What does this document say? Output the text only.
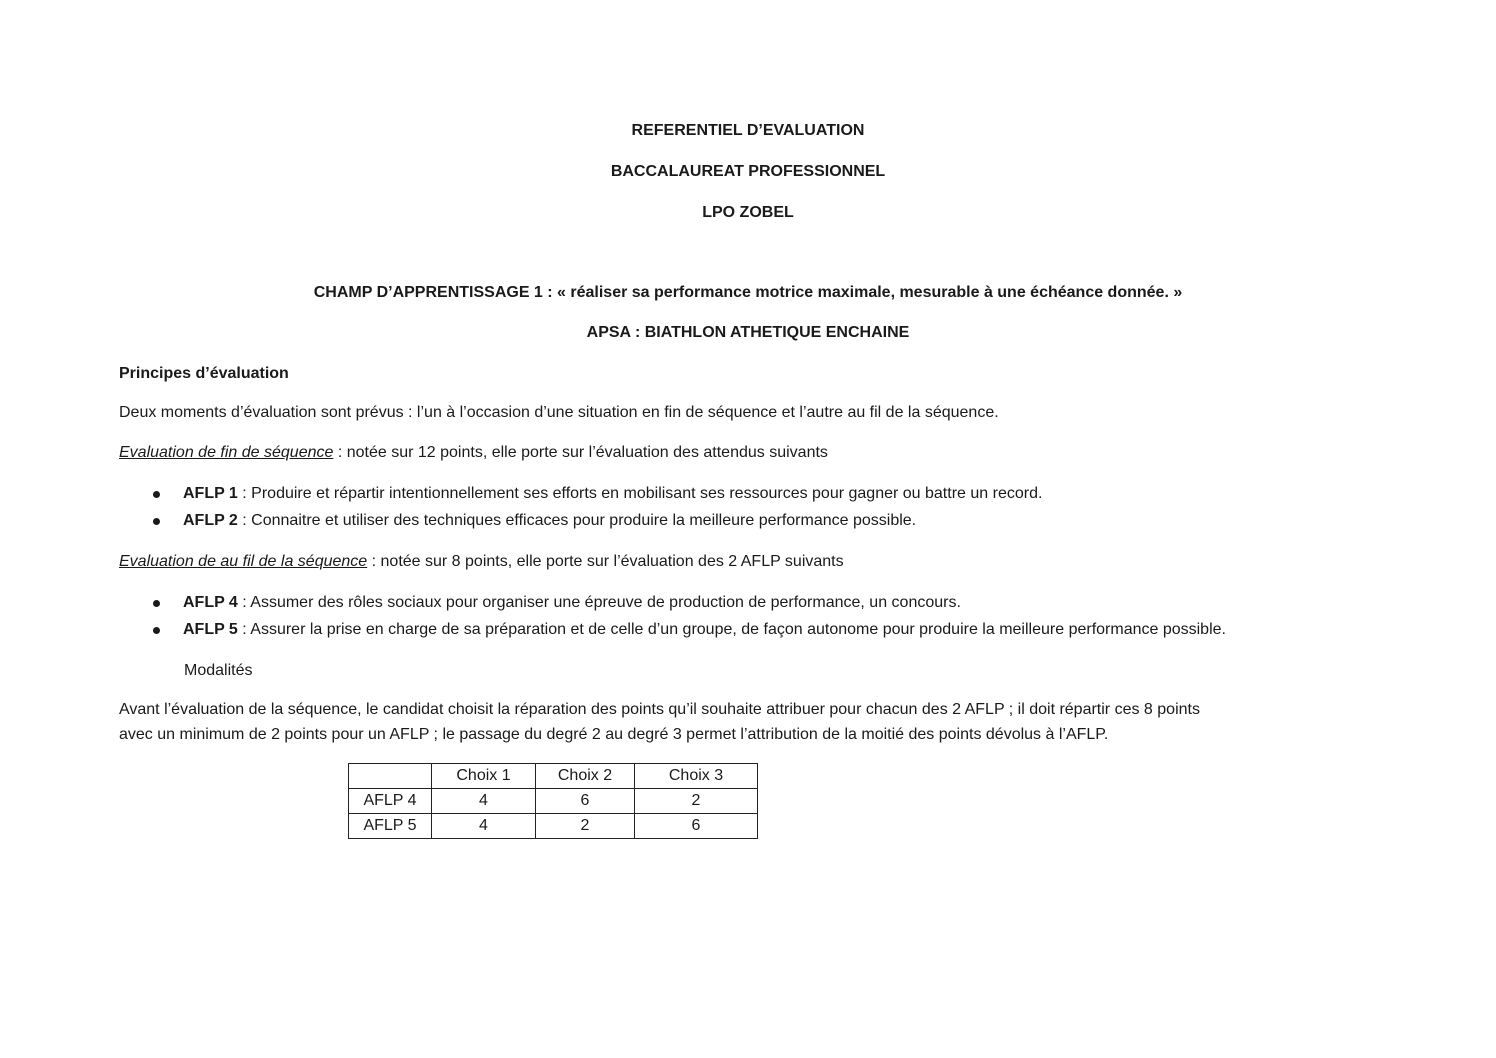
REFERENTIEL D’EVALUATION
BACCALAUREAT PROFESSIONNEL
LPO ZOBEL
CHAMP D’APPRENTISSAGE 1 : « réaliser sa performance motrice maximale, mesurable à une échéance donnée. »
APSA : BIATHLON ATHETIQUE ENCHAINE
Principes d’évaluation
Deux moments d’évaluation sont prévus : l’un à l’occasion d’une situation en fin de séquence et l’autre au fil de la séquence.
Evaluation de fin de séquence : notée sur 12 points, elle porte sur l’évaluation des attendus suivants
AFLP 1 : Produire et répartir intentionnellement ses efforts en mobilisant ses ressources pour gagner ou battre un record.
AFLP 2 : Connaitre et utiliser des techniques efficaces pour produire la meilleure performance possible.
Evaluation de au fil de la séquence : notée sur 8 points, elle porte sur l’évaluation des 2 AFLP suivants
AFLP 4 : Assumer des rôles sociaux pour organiser une épreuve de production de performance, un concours.
AFLP 5 : Assurer la prise en charge de sa préparation et de celle d’un groupe, de façon autonome pour produire la meilleure performance possible.
Modalités
Avant l’évaluation de la séquence, le candidat choisit la réparation des points qu’il souhaite attribuer pour chacun des 2 AFLP ; il doit répartir ces 8 points
avec un minimum de 2 points pour un AFLP ; le passage du degré 2 au degré 3 permet l’attribution de la moitié des points dévolus à l’AFLP.
	Choix 1	Choix 2	Choix 3
AFLP 4	4	6	2
AFLP 5	4	2	6
